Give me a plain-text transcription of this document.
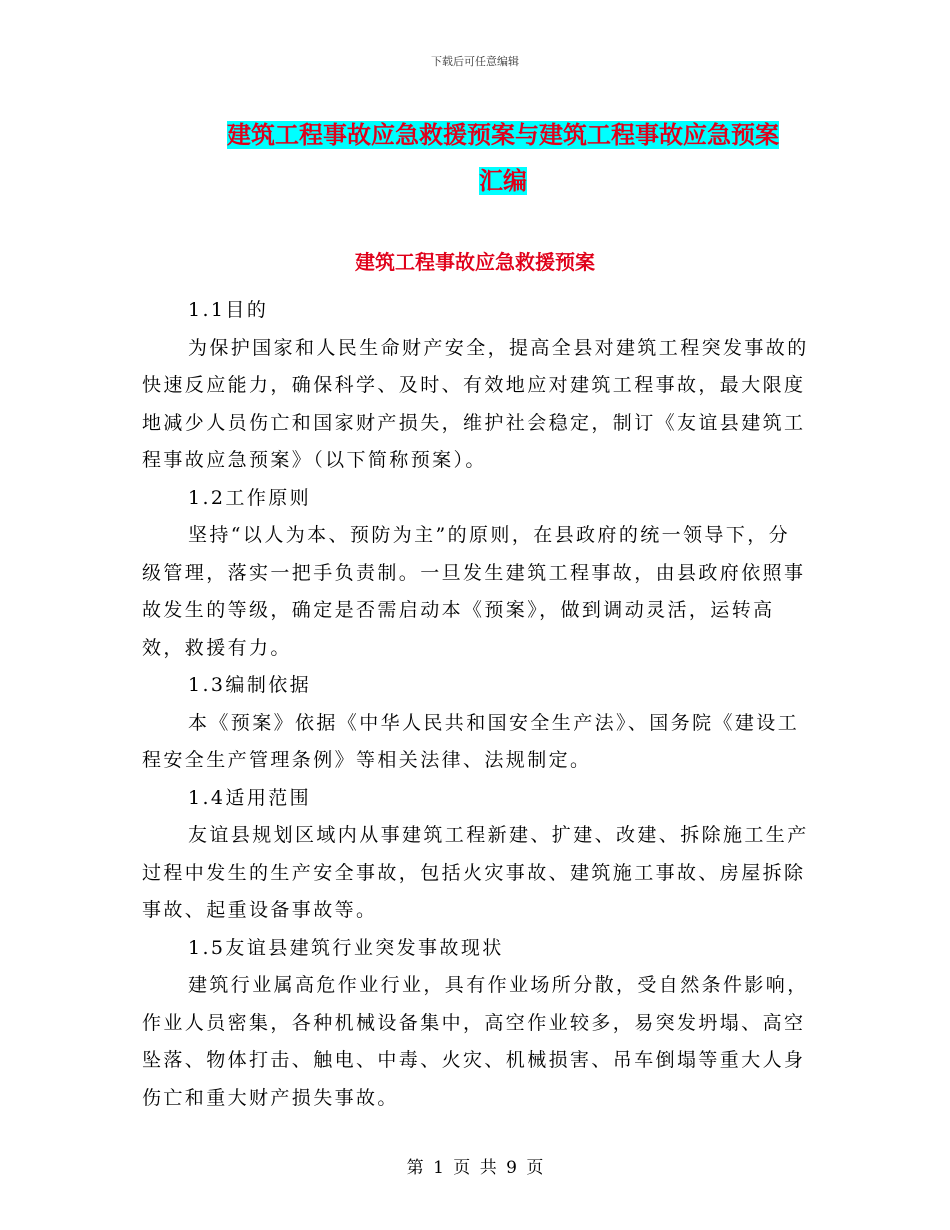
下载后可任意编辑
建筑工程事故应急救援预案与建筑工程事故应急预案
汇编
建筑工程事故应急救援预案

1.1目的

为保护国家和人民生命财产安全，提高全县对建筑工程突发事故的快速反应能力，确保科学、及时、有效地应对建筑工程事故，最大限度地减少人员伤亡和国家财产损失，维护社会稳定，制订《友谊县建筑工程事故应急预案》（以下简称预案）。

1.2工作原则

坚持“以人为本、预防为主”的原则，在县政府的统一领导下，分级管理，落实一把手负责制。一旦发生建筑工程事故，由县政府依照事故发生的等级，确定是否需启动本《预案》，做到调动灵活，运转高效，救援有力。

1.3编制依据

本《预案》依据《中华人民共和国安全生产法》、国务院《建设工程安全生产管理条例》等相关法律、法规制定。

1.4适用范围

友谊县规划区域内从事建筑工程新建、扩建、改建、拆除施工生产过程中发生的生产安全事故，包括火灾事故、建筑施工事故、房屋拆除事故、起重设备事故等。

1.5友谊县建筑行业突发事故现状

建筑行业属高危作业行业，具有作业场所分散，受自然条件影响，作业人员密集，各种机械设备集中，高空作业较多，易突发坍塌、高空坠落、物体打击、触电、中毒、火灾、机械损害、吊车倒塌等重大人身伤亡和重大财产损失事故。

第 1 页 共 9 页
